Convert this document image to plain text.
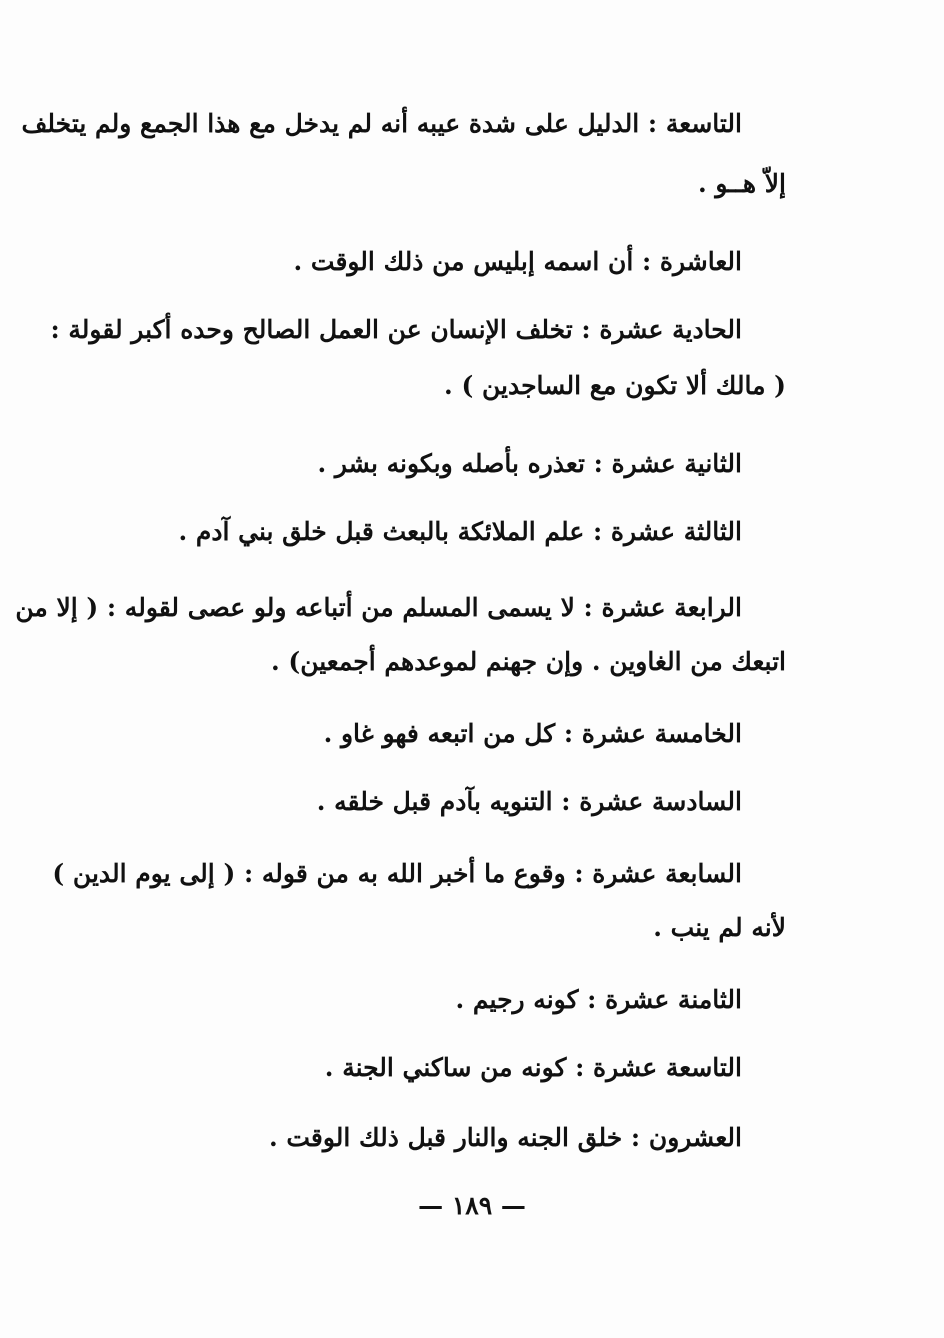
التاسعة : الدليل على شدة عيبه أنه لم يدخل مع هذا الجمع ولم يتخلف
إلاّ هــو .
العاشرة : أن اسمه إبليس من ذلك الوقت .
الحادية عشرة : تخلف الإنسان عن العمل الصالح وحده أكبر لقولة :
( مالك ألا تكون مع الساجدين ) .
الثانية عشرة : تعذره بأصله وبكونه بشر .
الثالثة عشرة : علم الملائكة بالبعث قبل خلق بني آدم .
الرابعة عشرة : لا يسمى المسلم من أتباعه ولو عصى لقوله : ( إلا من
اتبعك من الغاوين . وإن جهنم لموعدهم أجمعين) .
الخامسة عشرة : كل من اتبعه فهو غاو .
السادسة عشرة : التنويه بآدم قبل خلقه .
السابعة عشرة : وقوع ما أخبر الله به من قوله : ( إلى يوم الدين )
لأنه لم ينب .
الثامنة عشرة : كونه رجيم .
التاسعة عشرة : كونه من ساكني الجنة .
العشرون : خلق الجنه والنار قبل ذلك الوقت .
— ١٨٩ —
